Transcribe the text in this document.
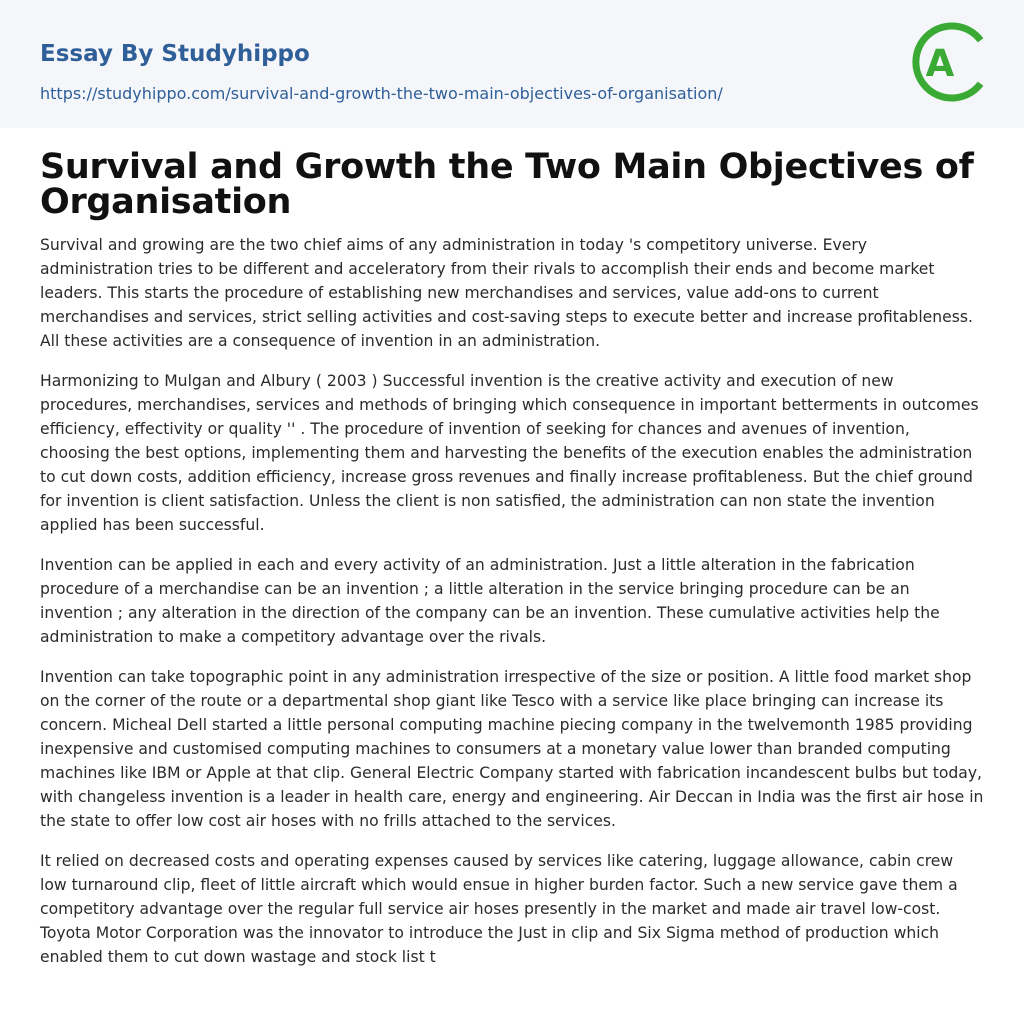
Essay By Studyhippo
https://studyhippo.com/survival-and-growth-the-two-main-objectives-of-organisation/
A
Survival and Growth the Two Main Objectives of Organisation

Survival and growing are the two chief aims of any administration in today 's competitory universe. Every administration tries to be different and acceleratory from their rivals to accomplish their ends and become market leaders. This starts the procedure of establishing new merchandises and services, value add-ons to current merchandises and services, strict selling activities and cost-saving steps to execute better and increase profitableness. All these activities are a consequence of invention in an administration.

Harmonizing to Mulgan and Albury ( 2003 ) Successful invention is the creative activity and execution of new procedures, merchandises, services and methods of bringing which consequence in important betterments in outcomes efficiency, effectivity or quality '' . The procedure of invention of seeking for chances and avenues of invention, choosing the best options, implementing them and harvesting the benefits of the execution enables the administration to cut down costs, addition efficiency, increase gross revenues and finally increase profitableness. But the chief ground for invention is client satisfaction. Unless the client is non satisfied, the administration can non state the invention applied has been successful.

Invention can be applied in each and every activity of an administration. Just a little alteration in the fabrication procedure of a merchandise can be an invention ; a little alteration in the service bringing procedure can be an invention ; any alteration in the direction of the company can be an invention. These cumulative activities help the administration to make a competitory advantage over the rivals.

Invention can take topographic point in any administration irrespective of the size or position. A little food market shop on the corner of the route or a departmental shop giant like Tesco with a service like place bringing can increase its concern. Micheal Dell started a little personal computing machine piecing company in the twelvemonth 1985 providing inexpensive and customised computing machines to consumers at a monetary value lower than branded computing machines like IBM or Apple at that clip. General Electric Company started with fabrication incandescent bulbs but today, with changeless invention is a leader in health care, energy and engineering. Air Deccan in India was the first air hose in the state to offer low cost air hoses with no frills attached to the services.

It relied on decreased costs and operating expenses caused by services like catering, luggage allowance, cabin crew low turnaround clip, fleet of little aircraft which would ensue in higher burden factor. Such a new service gave them a competitory advantage over the regular full service air hoses presently in the market and made air travel low-cost. Toyota Motor Corporation was the innovator to introduce the Just in clip and Six Sigma method of production which enabled them to cut down wastage and stock list t
